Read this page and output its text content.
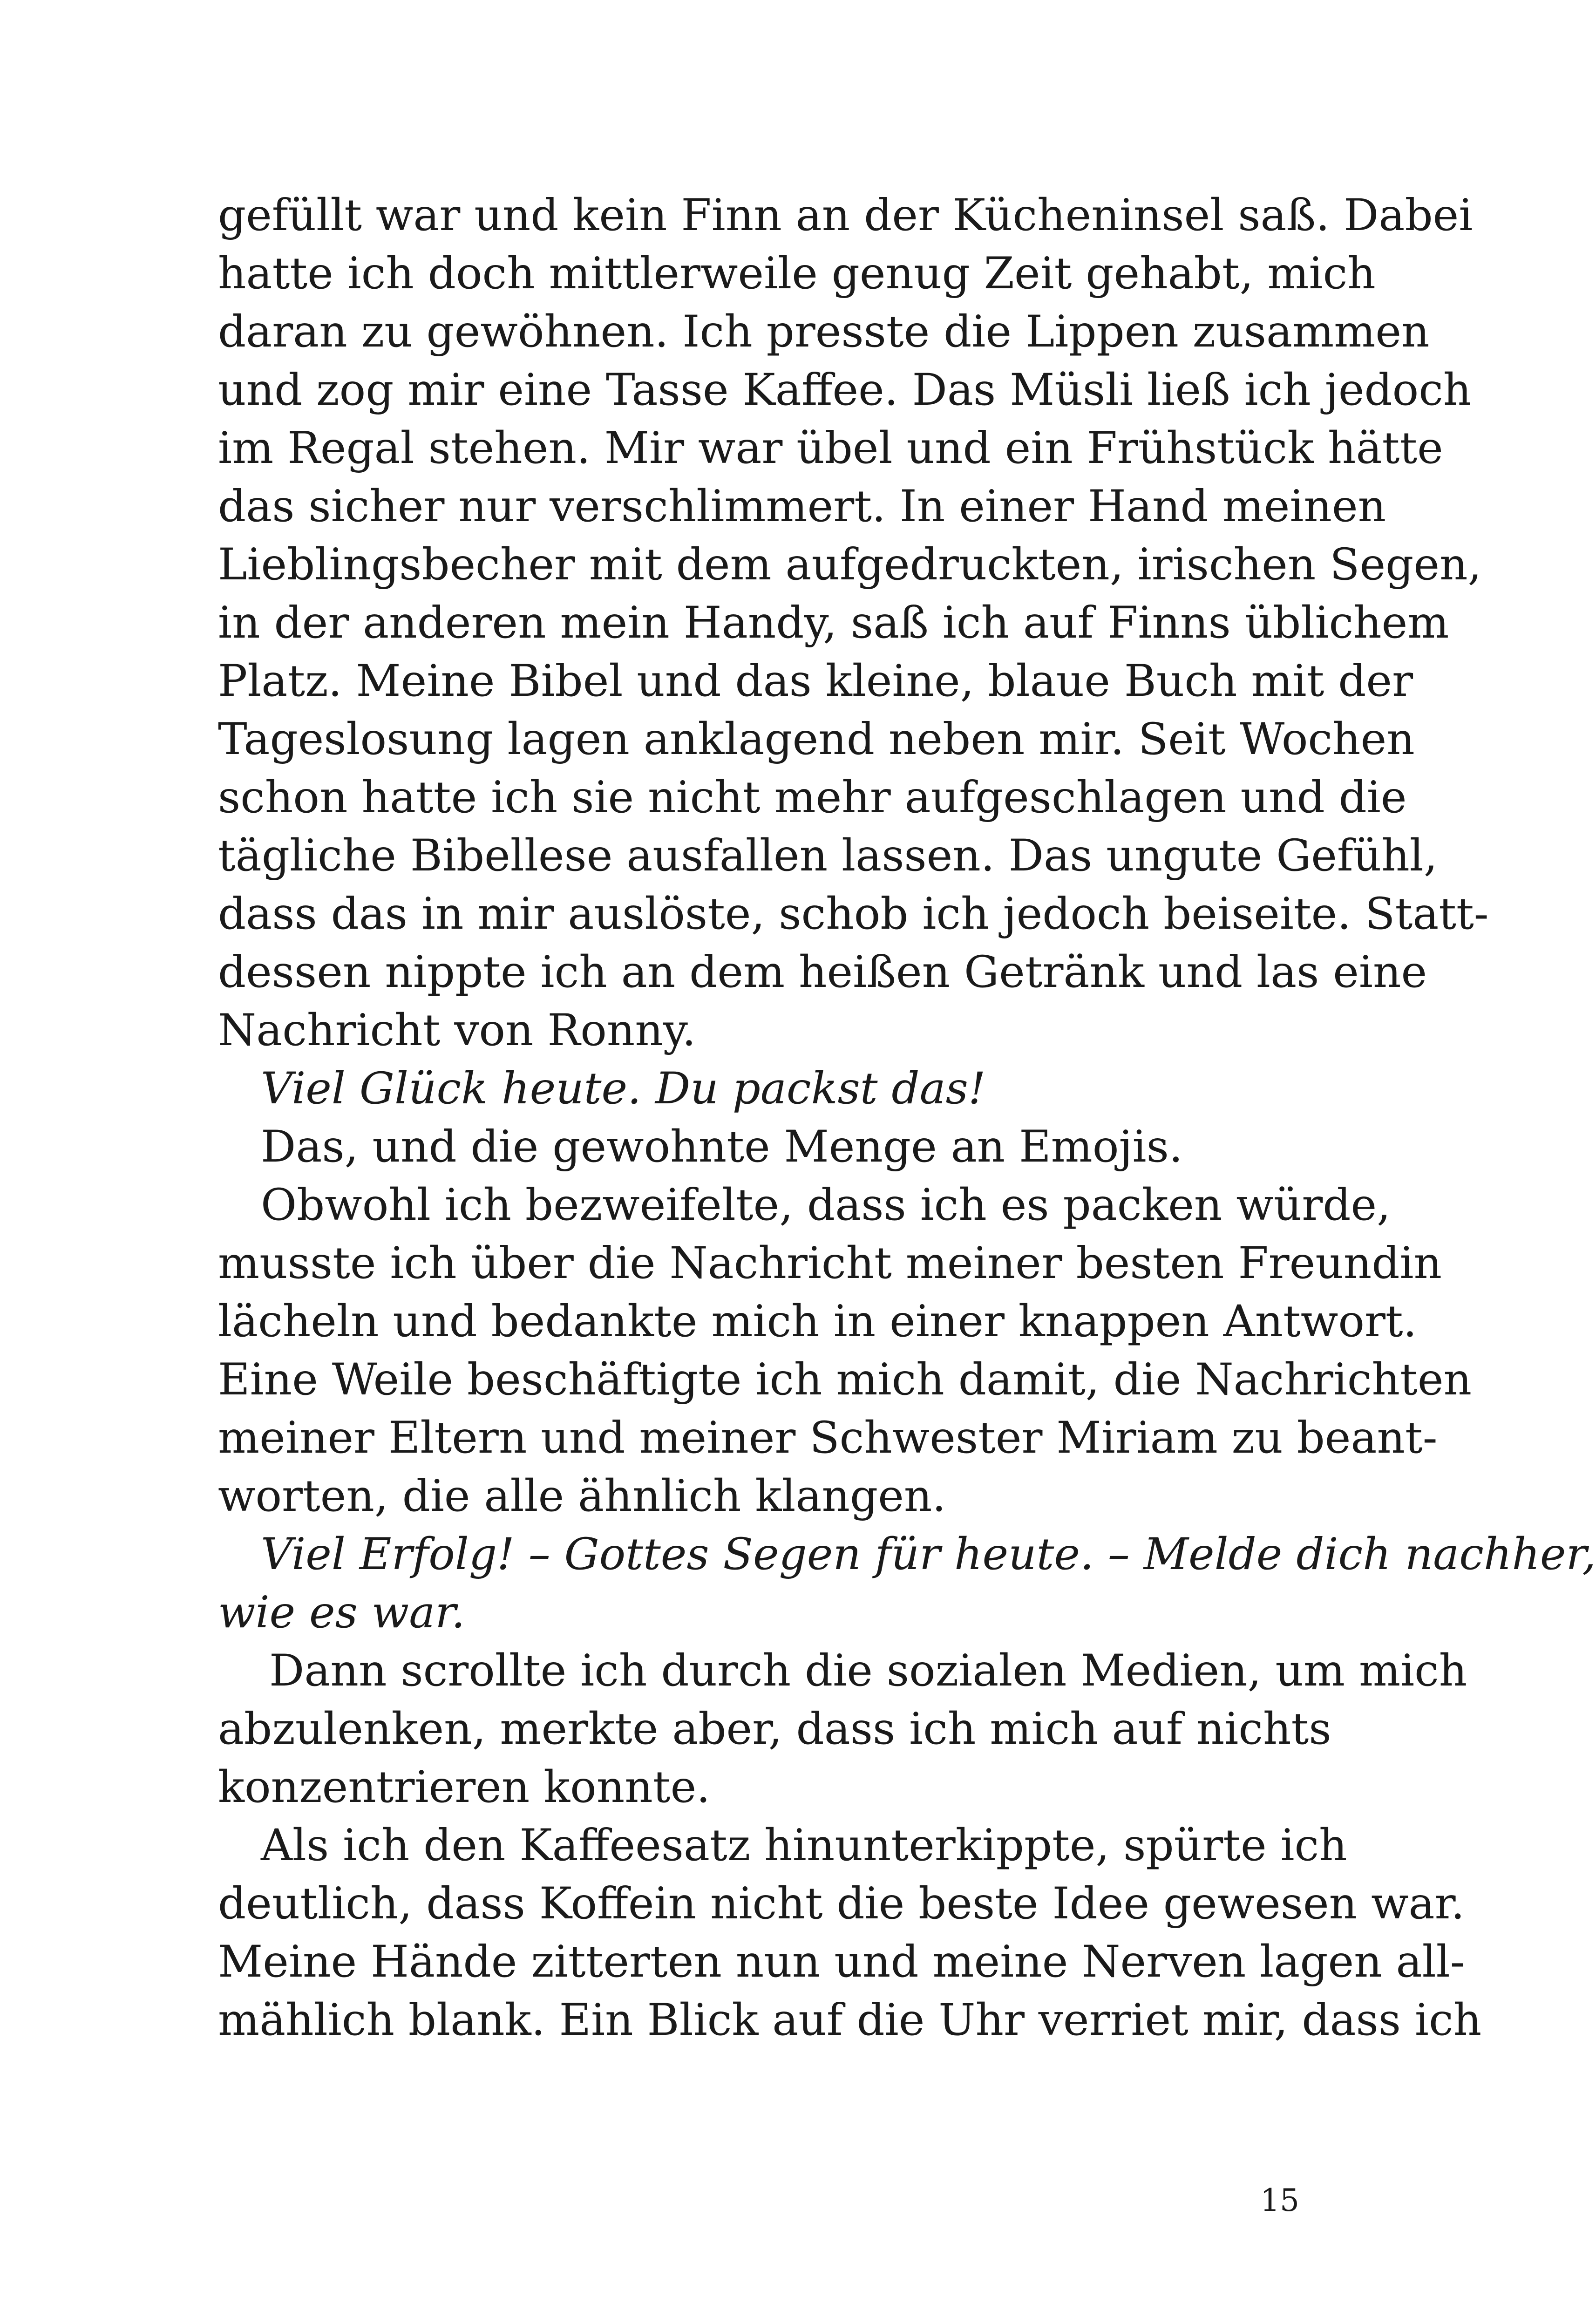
gefüllt war und kein Finn an der Kücheninsel saß. Dabei
hatte ich doch mittlerweile genug Zeit gehabt, mich
daran zu gewöhnen. Ich presste die Lippen zusammen
und zog mir eine Tasse Kaffee. Das Müsli ließ ich jedoch
im Regal stehen. Mir war übel und ein Frühstück hätte
das sicher nur verschlimmert. In einer Hand meinen
Lieblingsbecher mit dem aufgedruckten, irischen Segen,
in der anderen mein Handy, saß ich auf Finns üblichem
Platz. Meine Bibel und das kleine, blaue Buch mit der
Tageslosung lagen anklagend neben mir. Seit Wochen
schon hatte ich sie nicht mehr aufgeschlagen und die
tägliche Bibellese ausfallen lassen. Das ungute Gefühl,
dass das in mir auslöste, schob ich jedoch beiseite. Statt-
dessen nippte ich an dem heißen Getränk und las eine
Nachricht von Ronny.
Viel Glück heute. Du packst das!
Das, und die gewohnte Menge an Emojis.
Obwohl ich bezweifelte, dass ich es packen würde,
musste ich über die Nachricht meiner besten Freundin
lächeln und bedankte mich in einer knappen Antwort.
Eine Weile beschäftigte ich mich damit, die Nachrichten
meiner Eltern und meiner Schwester Miriam zu beant-
worten, die alle ähnlich klangen.
Viel Erfolg! – Gottes Segen für heute. – Melde dich nachher,
wie es war.
Dann scrollte ich durch die sozialen Medien, um mich
abzulenken, merkte aber, dass ich mich auf nichts
konzentrieren konnte.
Als ich den Kaffeesatz hinunterkippte, spürte ich
deutlich, dass Koffein nicht die beste Idee gewesen war.
Meine Hände zitterten nun und meine Nerven lagen all-
mählich blank. Ein Blick auf die Uhr verriet mir, dass ich
15
